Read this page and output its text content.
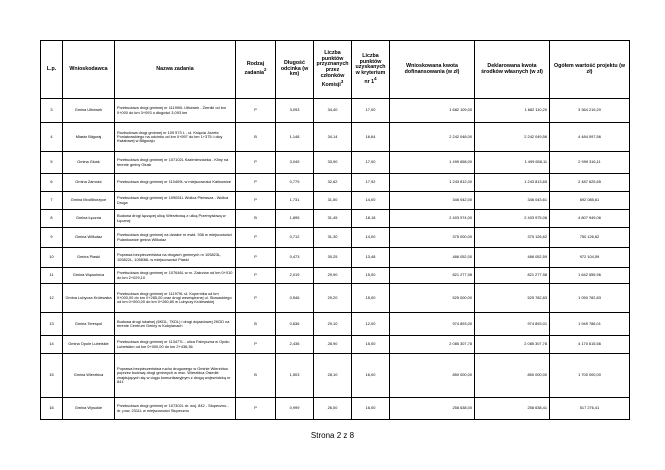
L.p.	Wnioskodawca	Nazwa zadania	Rodzaj zadania$^2$	Długość odcinka (w km)	Liczba punktów przyznanych przez członków Komisji$^3$	Liczba punktów uzyskanych w kryterium nr $1^4$	Wnioskowana kwota dofinansowania (w zł)	Deklarowana kwota środków własnych (w zł)	Ogółem wartość projektu (w zł)
3	Gmina Ułhówek	Przebudowa drogi gminnej nr 111990L Ułhówek - Żerniki od km 0+000 do km 3+093 o długości 3,093 km	P	3,093	34,40	17,00	1 682 109,00	1 682 110,20	3 364 219,20
4	Miasto Biłgoraj	Rozbudowa drogi gminnej nr 109 573 L - ul. Księcia Józefa Poniatowskiego na odcinku od km 0+597 do km 1+375 i ulicy Kwiatowej w Biłgoraju	B	1,148	34,14	16,64	2 242 048,00	2 242 049,56	4 484 097,56
5	Gmina Głusk	Przebudowa drogi gminnej nr 107102L Kazimierzówka - Kliny na terenie gminy Głusk	P	3,049	33,90	17,00	1 499 658,00	1 499 658,11	2 999 316,11
6	Gmina Zamość	Przebudowa drogi gminnej nr 110409L w miejscowości Kalinowice	P	0,779	32,62	17,92	1 243 812,00	1 243 813,65	2 487 625,65
7	Gmina Modliborzyce	Przebudowa drogi gminnej nr 109051L Wolica Pierwsza - Wolica Druga	P	1,731	31,50	14,00	346 042,00	346 043,61	692 085,61
8	Gmina Łęczna	Budowa drogi łączącej ulicę Wierzbową z ulicą Przemysłową w Łęcznej	B	1,895	31,45	18,18	2 403 974,00	2 403 975,06	4 807 949,06
9	Gmina Wilkołaz	Przebudowa drogi gminnej na działce nr ewid. 936 w miejscowości Pułankowice gmina Wilkołaz	P	0,712	31,30	14,00	375 000,00	375 126,62	750 126,62
10	Gmina Piaski	Poprawa bezpieczeństwa na drogach gminnych nr 105823L, 105822L, 105836L w miejscowości Piaski	P	0,473	30,25	13,48	486 052,00	486 052,59	972 104,59
11	Gmina Wąwolnica	Przebudowa drogi gminnej nr 107646L w m. Zakrzów od km 0+010 do km 2+029,10	P	2,019	29,90	15,00	821 277,98	821 277,98	1 642 555,96
12	Gmina Lubycza Królewska	Przebudowa drogi gminnej nr 111979L ul. Kopernika od km 0+000,00 do km 0+285,00 oraz drogi wewnętrznej ul. Słowackiego od km 0+000,00 do km 0+260,80 w Lubyczy Królewskiej	P	0,546	29,20	15,00	525 000,00	525 782,83	1 050 782,83
13	Gmina Terespol	Budowa drogi lokalnej (6KDL, 7KDL) i drogi dojazdowej 2KDD na terenie Centrum Gminy w Kobylanach	B	0,636	29,10	12,00	974 893,00	974 893,01	1 949 786,01
14	Gmina Opole Lubelskie	Przebudowa drogi gminnej nr 113477L - ulica Fabryczna w Opolu Lubelskim od km 0+000,00 do km 2+436,36	P	2,436	28,90	15,00	2 085 307,78	2 085 307,78	4 170 615,56
15	Gmina Wierzbica	Poprawa bezpieczeństwa ruchu drogowego w Gminie Wierzbica poprzez budowę drogi gminnych w msc. Wierzbica Osiedle znajdujących się w ciągu komunikacyjnym z drogą wojewódzką nr 841	B	1,503	28,10	16,00	850 000,00	850 000,00	1 700 000,00
16	Gmina Wysokie	Przebudowa drogi gminnej nr 107302L dr. woj. 842 - Słupeczno - dr. pow. 2311L w miejscowości Słupeczno	P	0,999	26,00	16,00	258 638,00	258 638,41	517 276,41
Strona 2 z 8
